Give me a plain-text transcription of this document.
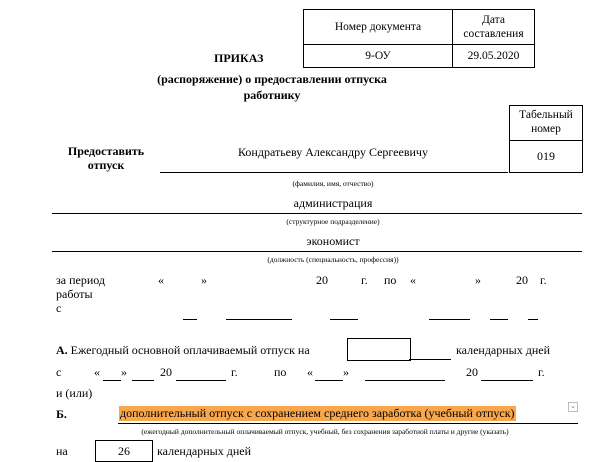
Номер документа	Дата составления
9-ОУ	29.05.2020
ПРИКАЗ
(распоряжение) о предоставлении отпуска
работнику
Табельный
номер
019
Предоставить
отпуск
Кондратьеву Александру Сергеевичу
(фамилия, имя, отчество)
администрация
(структурное подразделение)
экономист
(должность (специальность, профессия))
за период
работы
с
«	»	20	г. по «	»	20 г.
А. Ежегодный основной оплачиваемый отпуск на	календарных дней
с	« »	20	г.	по «	»	20	г.
и (или)
Б.	дополнительный отпуск с сохранением среднего заработка (учебный отпуск)	⌄
(ежегодный дополнительный оплачиваемый отпуск, учебный, без сохранения заработной платы и другие (указать)
на	26	календарных дней
